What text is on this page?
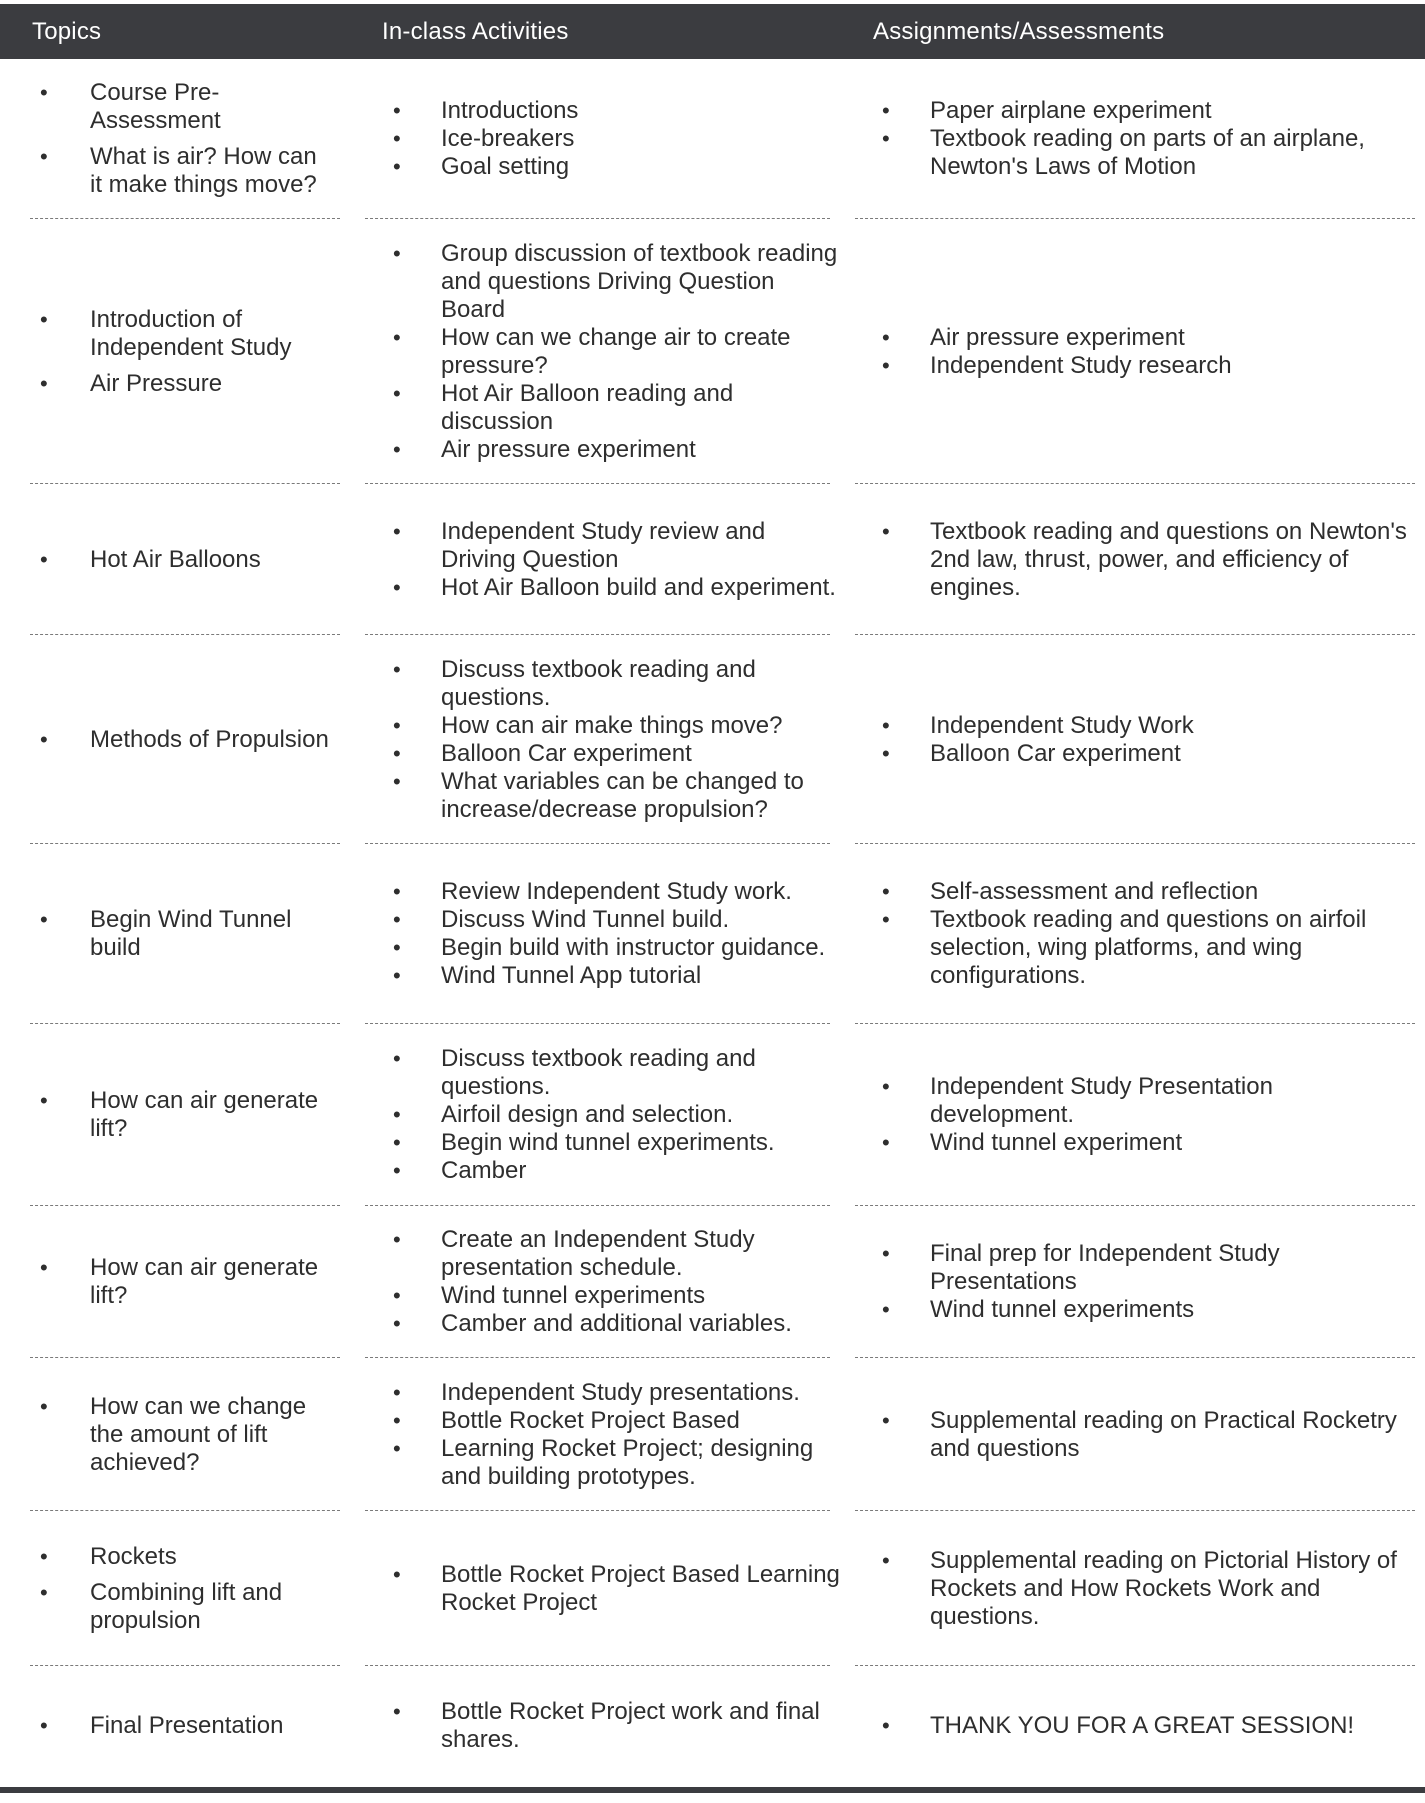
Topics	In-class Activities	Assignments/Assessments
• Course Pre-Assessment
• What is air? How can it make things move?
• Introductions
• Ice-breakers
• Goal setting
• Paper airplane experiment
• Textbook reading on parts of an airplane, Newton's Laws of Motion
• Introduction of Independent Study
• Air Pressure
• Group discussion of textbook reading and questions Driving Question Board
• How can we change air to create pressure?
• Hot Air Balloon reading and discussion
• Air pressure experiment
• Air pressure experiment
• Independent Study research
• Hot Air Balloons
• Independent Study review and Driving Question
• Hot Air Balloon build and experiment.
• Textbook reading and questions on Newton's 2nd law, thrust, power, and efficiency of engines.
• Methods of Propulsion
• Discuss textbook reading and questions.
• How can air make things move?
• Balloon Car experiment
• What variables can be changed to increase/decrease propulsion?
• Independent Study Work
• Balloon Car experiment
• Begin Wind Tunnel build
• Review Independent Study work.
• Discuss Wind Tunnel build.
• Begin build with instructor guidance.
• Wind Tunnel App tutorial
• Self-assessment and reflection
• Textbook reading and questions on airfoil selection, wing platforms, and wing configurations.
• How can air generate lift?
• Discuss textbook reading and questions.
• Airfoil design and selection.
• Begin wind tunnel experiments.
• Camber
• Independent Study Presentation development.
• Wind tunnel experiment
• How can air generate lift?
• Create an Independent Study presentation schedule.
• Wind tunnel experiments
• Camber and additional variables.
• Final prep for Independent Study Presentations
• Wind tunnel experiments
• How can we change the amount of lift achieved?
• Independent Study presentations.
• Bottle Rocket Project Based
• Learning Rocket Project; designing and building prototypes.
• Supplemental reading on Practical Rocketry and questions
• Rockets
• Combining lift and propulsion
• Bottle Rocket Project Based Learning Rocket Project
• Supplemental reading on Pictorial History of Rockets and How Rockets Work and questions.
• Final Presentation
• Bottle Rocket Project work and final shares.
• THANK YOU FOR A GREAT SESSION!
